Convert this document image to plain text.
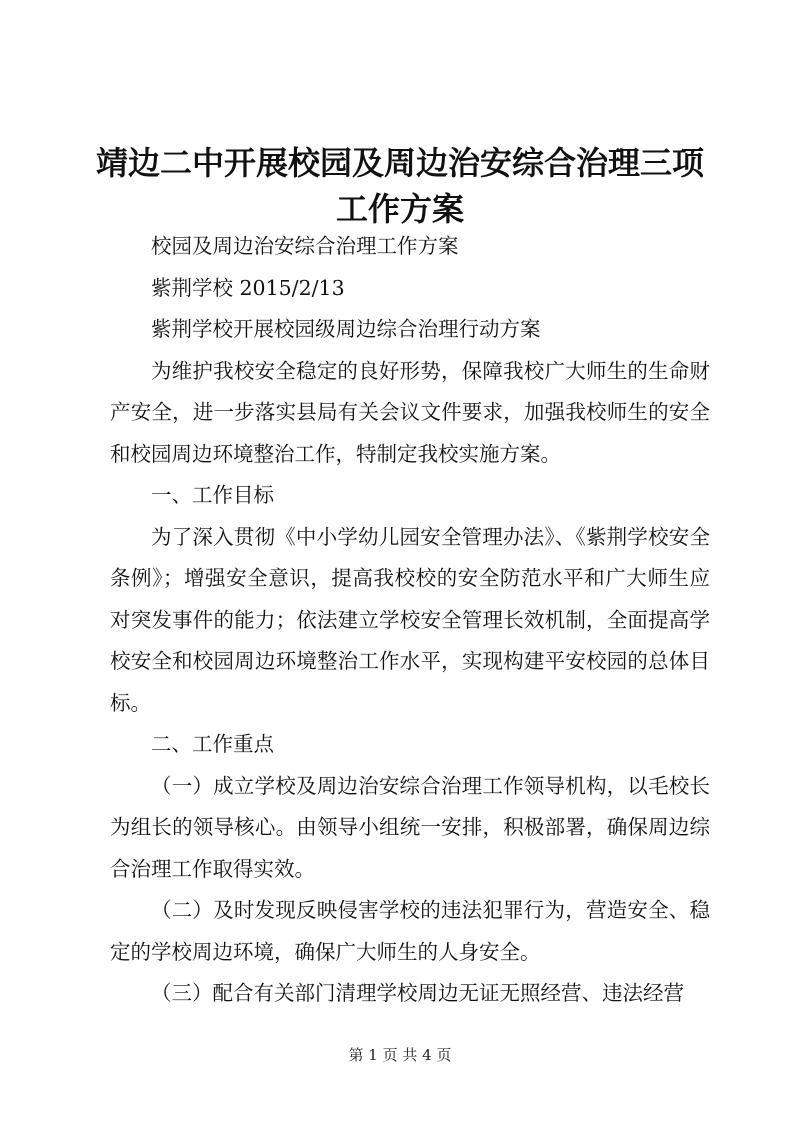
靖边二中开展校园及周边治安综合治理三项工作方案

校园及周边治安综合治理工作方案

紫荆学校 2015/2/13

紫荆学校开展校园级周边综合治理行动方案

为维护我校安全稳定的良好形势，保障我校广大师生的生命财产安全，进一步落实县局有关会议文件要求，加强我校师生的安全和校园周边环境整治工作，特制定我校实施方案。

一、工作目标

为了深入贯彻《中小学幼儿园安全管理办法》、《紫荆学校安全条例》；增强安全意识，提高我校校的安全防范水平和广大师生应对突发事件的能力；依法建立学校安全管理长效机制，全面提高学校安全和校园周边环境整治工作水平，实现构建平安校园的总体目标。

二、工作重点

（一）成立学校及周边治安综合治理工作领导机构，以毛校长为组长的领导核心。由领导小组统一安排，积极部署，确保周边综合治理工作取得实效。

（二）及时发现反映侵害学校的违法犯罪行为，营造安全、稳定的学校周边环境，确保广大师生的人身安全。

（三）配合有关部门清理学校周边无证无照经营、违法经营

第 1 页 共 4 页
